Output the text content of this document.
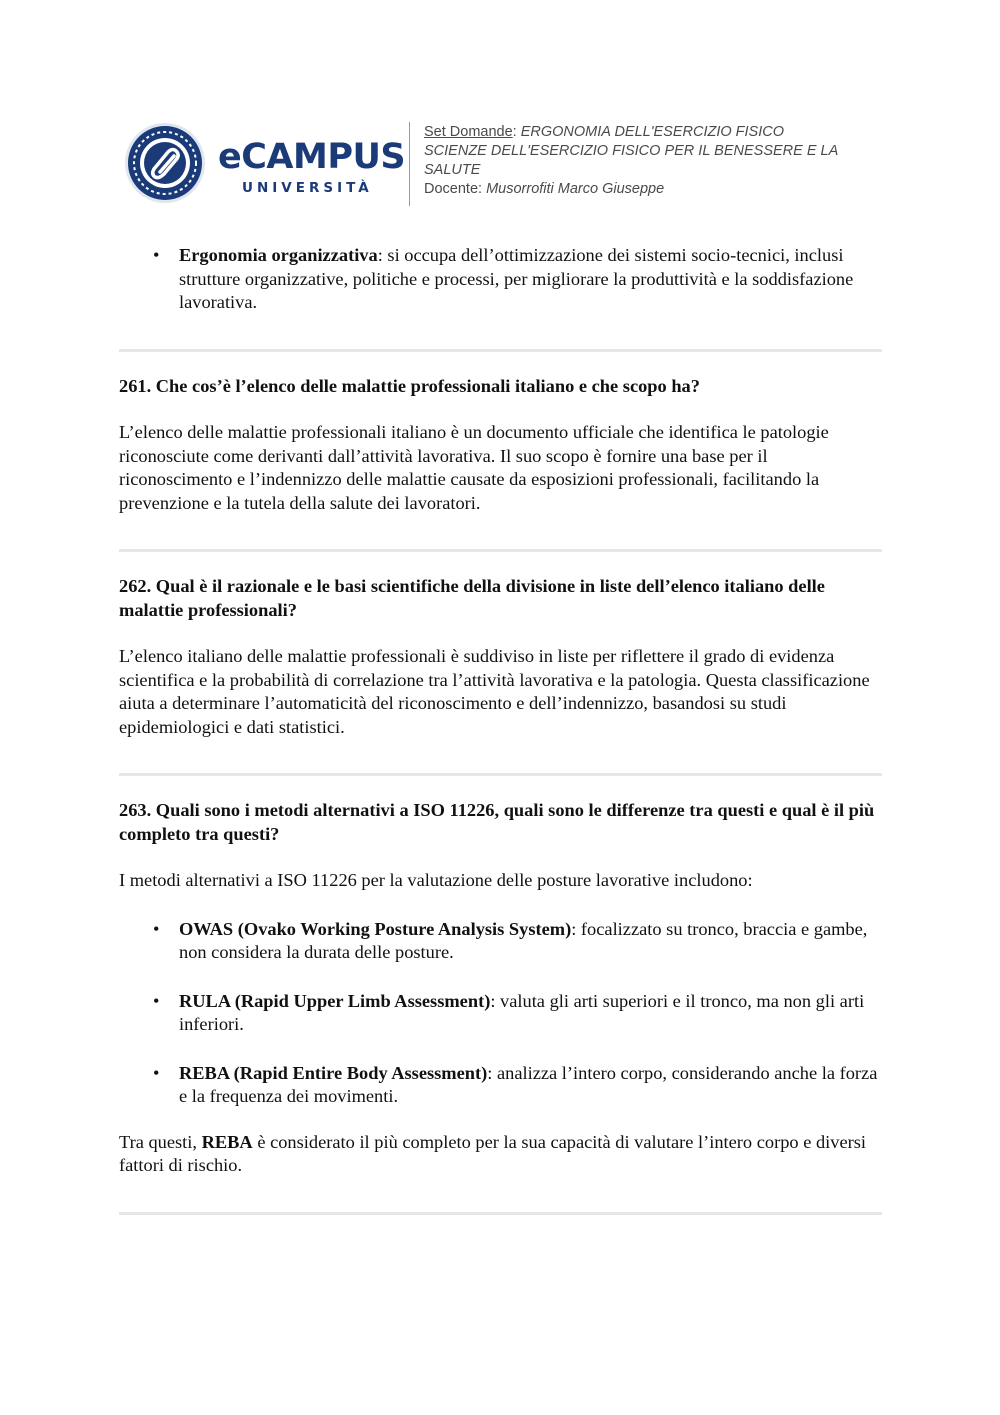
eCAMPUS
UNIVERSITÀ
Set Domande: ERGONOMIA DELL'ESERCIZIO FISICO
SCIENZE DELL'ESERCIZIO FISICO PER IL BENESSERE E LA SALUTE
Docente: Musorrofiti Marco Giuseppe
• Ergonomia organizzativa: si occupa dell’ottimizzazione dei sistemi socio-tecnici, inclusi strutture organizzative, politiche e processi, per migliorare la produttività e la soddisfazione lavorativa.

261. Che cos’è l’elenco delle malattie professionali italiano e che scopo ha?

L’elenco delle malattie professionali italiano è un documento ufficiale che identifica le patologie riconosciute come derivanti dall’attività lavorativa. Il suo scopo è fornire una base per il riconoscimento e l’indennizzo delle malattie causate da esposizioni professionali, facilitando la prevenzione e la tutela della salute dei lavoratori.

262. Qual è il razionale e le basi scientifiche della divisione in liste dell’elenco italiano delle malattie professionali?

L’elenco italiano delle malattie professionali è suddiviso in liste per riflettere il grado di evidenza scientifica e la probabilità di correlazione tra l’attività lavorativa e la patologia. Questa classificazione aiuta a determinare l’automaticità del riconoscimento e dell’indennizzo, basandosi su studi epidemiologici e dati statistici.

263. Quali sono i metodi alternativi a ISO 11226, quali sono le differenze tra questi e qual è il più completo tra questi?

I metodi alternativi a ISO 11226 per la valutazione delle posture lavorative includono:

• OWAS (Ovako Working Posture Analysis System): focalizzato su tronco, braccia e gambe, non considera la durata delle posture.
• RULA (Rapid Upper Limb Assessment): valuta gli arti superiori e il tronco, ma non gli arti inferiori.
• REBA (Rapid Entire Body Assessment): analizza l’intero corpo, considerando anche la forza e la frequenza dei movimenti.

Tra questi, REBA è considerato il più completo per la sua capacità di valutare l’intero corpo e diversi fattori di rischio.
